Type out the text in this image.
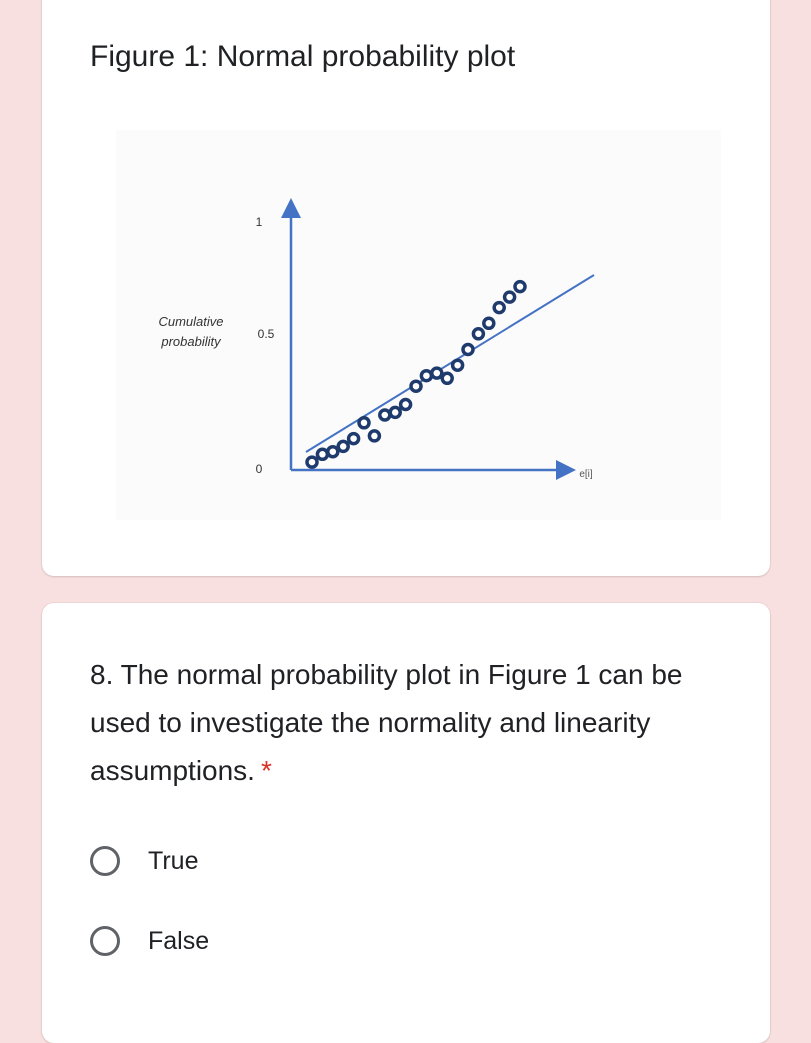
Figure 1: Normal probability plot
Cumulative
probability
1
0.5
0	e[i]

8. The normal probability plot in Figure 1 can be used to investigate the normality and linearity assumptions. *

True
False
